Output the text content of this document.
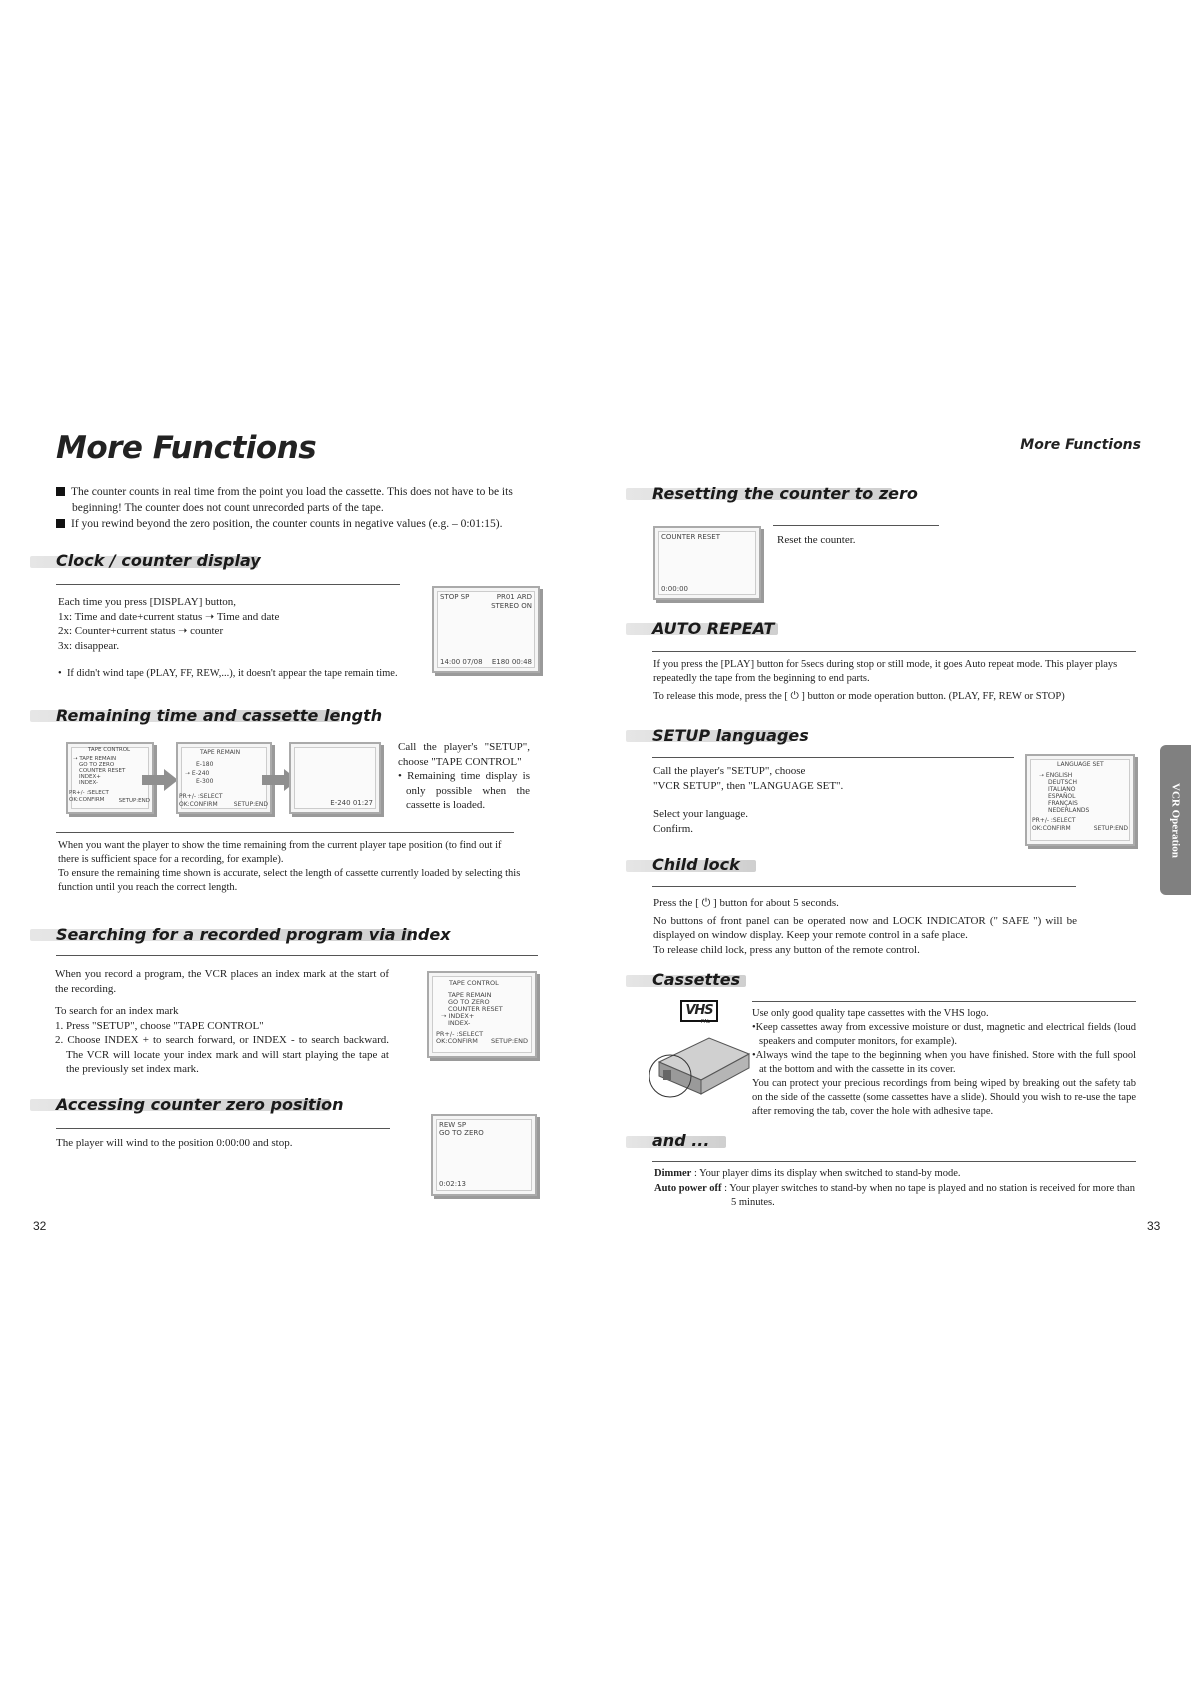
More Functions	More Functions
The counter counts in real time from the point you load the cassette. This does not have to be its beginning! The counter does not count unrecorded parts of the tape.
If you rewind beyond the zero position, the counter counts in negative values (e.g. – 0:01:15).
Clock / counter display
Each time you press [DISPLAY] button,
1x: Time and date+current status ➝ Time and date
2x: Counter+current status ➝ counter
3x: disappear.
•  If didn't wind tape (PLAY, FF, REW,...), it doesn't appear the tape remain time.
STOP SP	PR01 ARD
STEREO ON
14:00 07/08 E180 00:48
Remaining time and cassette length
TAPE CONTROL
➝ TAPE REMAIN
GO TO ZERO
COUNTER RESET
INDEX+
INDEX-
PR+/- :SELECT
OK:CONFIRM	SETUP:END
TAPE REMAIN
E-180
➝ E-240
E-300
PR+/- :SELECT
OK:CONFIRM	SETUP:END	E-240 01:27
Call the player's "SETUP", choose "TAPE CONTROL"
• Remaining time display is only possible when the cassette is loaded.
When you want the player to show the time remaining from the current player tape position (to find out if there is sufficient space for a recording, for example).
To ensure the remaining time shown is accurate, select the length of cassette currently loaded by selecting this function until you reach the correct length.
Searching for a recorded program via index
When you record a program, the VCR places an index mark at the start of the recording.
To search for an index mark
1. Press "SETUP", choose "TAPE CONTROL"
2. Choose INDEX + to search forward, or INDEX - to search backward. The VCR will locate your index mark and will start playing the tape at the previously set index mark.
TAPE CONTROL
TAPE REMAIN
GO TO ZERO
COUNTER RESET
➝ INDEX+
INDEX-
PR+/- :SELECT
OK:CONFIRM SETUP:END
Accessing counter zero position
The player will wind to the position 0:00:00 and stop.
REW SP
GO TO ZERO
0:02:13
32
Resetting the counter to zero
COUNTER RESET
0:00:00
Reset the counter.
AUTO REPEAT
If you press the [PLAY] button for 5secs during stop or still mode, it goes Auto repeat mode. This player plays repeatedly the tape from the beginning to end parts.
To release this mode, press the [ ⏻ ] button or mode operation button. (PLAY, FF, REW or STOP)
SETUP languages
Call the player's "SETUP", choose
"VCR SETUP", then "LANGUAGE SET".
Select your language.
Confirm.
LANGUAGE SET
➝ ENGLISH
DEUTSCH
ITALIANO
ESPAÑOL
FRANÇAIS
NEDERLANDS
PR+/- :SELECT
OK:CONFIRM	SETUP:END
Child lock
Press the [ ⏻ ] button for about 5 seconds.
No buttons of front panel can be operated now and LOCK INDICATOR (" SAFE ") will be displayed on window display. Keep your remote control in a safe place.
To release child lock, press any button of the remote control.
Cassettes
VHS
PAL
Use only good quality tape cassettes with the VHS logo.
•Keep cassettes away from excessive moisture or dust, magnetic and electrical fields (loud speakers and computer monitors, for example).
•Always wind the tape to the beginning when you have finished. Store with the full spool at the bottom and with the cassette in its cover.
You can protect your precious recordings from being wiped by breaking out the safety tab on the side of the cassette (some cassettes have a slide). Should you wish to re-use the tape after removing the tab, cover the hole with adhesive tape.
and ...
Dimmer : Your player dims its display when switched to stand-by mode.
Auto power off : Your player switches to stand-by when no tape is played and no station is received for more than 5 minutes.
VCR Operation
33
